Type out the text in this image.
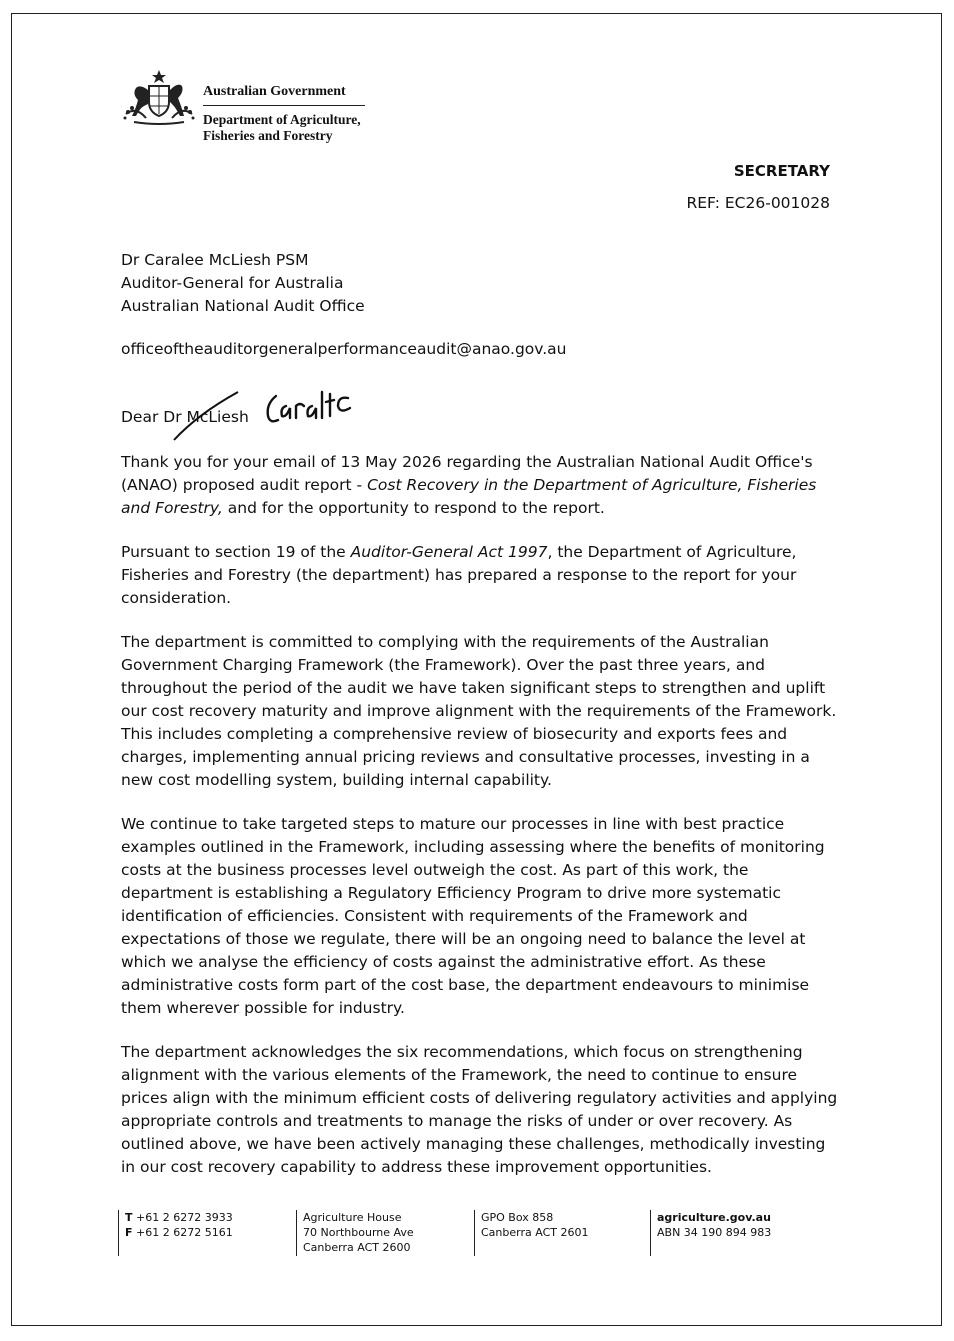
Australian Government
Department of Agriculture,
Fisheries and Forestry
SECRETARY
REF: EC26-001028
Dr Caralee McLiesh PSM
Auditor-General for Australia
Australian National Audit Office
officeoftheauditorgeneralperformanceaudit@anao.gov.au
Dear Dr McLiesh

Thank you for your email of 13 May 2026 regarding the Australian National Audit Office's (ANAO) proposed audit report - Cost Recovery in the Department of Agriculture, Fisheries and Forestry, and for the opportunity to respond to the report.

Pursuant to section 19 of the Auditor-General Act 1997, the Department of Agriculture, Fisheries and Forestry (the department) has prepared a response to the report for your consideration.

The department is committed to complying with the requirements of the Australian Government Charging Framework (the Framework). Over the past three years, and throughout the period of the audit we have taken significant steps to strengthen and uplift our cost recovery maturity and improve alignment with the requirements of the Framework. This includes completing a comprehensive review of biosecurity and exports fees and charges, implementing annual pricing reviews and consultative processes, investing in a new cost modelling system, building internal capability.

We continue to take targeted steps to mature our processes in line with best practice examples outlined in the Framework, including assessing where the benefits of monitoring costs at the business processes level outweigh the cost. As part of this work, the department is establishing a Regulatory Efficiency Program to drive more systematic identification of efficiencies. Consistent with requirements of the Framework and expectations of those we regulate, there will be an ongoing need to balance the level at which we analyse the efficiency of costs against the administrative effort. As these administrative costs form part of the cost base, the department endeavours to minimise them wherever possible for industry.

The department acknowledges the six recommendations, which focus on strengthening alignment with the various elements of the Framework, the need to continue to ensure prices align with the minimum efficient costs of delivering regulatory activities and applying appropriate controls and treatments to manage the risks of under or over recovery. As outlined above, we have been actively managing these challenges, methodically investing in our cost recovery capability to address these improvement opportunities.

T +61 2 6272 3933
F +61 2 6272 5161
Agriculture House
70 Northbourne Ave
Canberra ACT 2600
GPO Box 858
Canberra ACT 2601
agriculture.gov.au
ABN 34 190 894 983
